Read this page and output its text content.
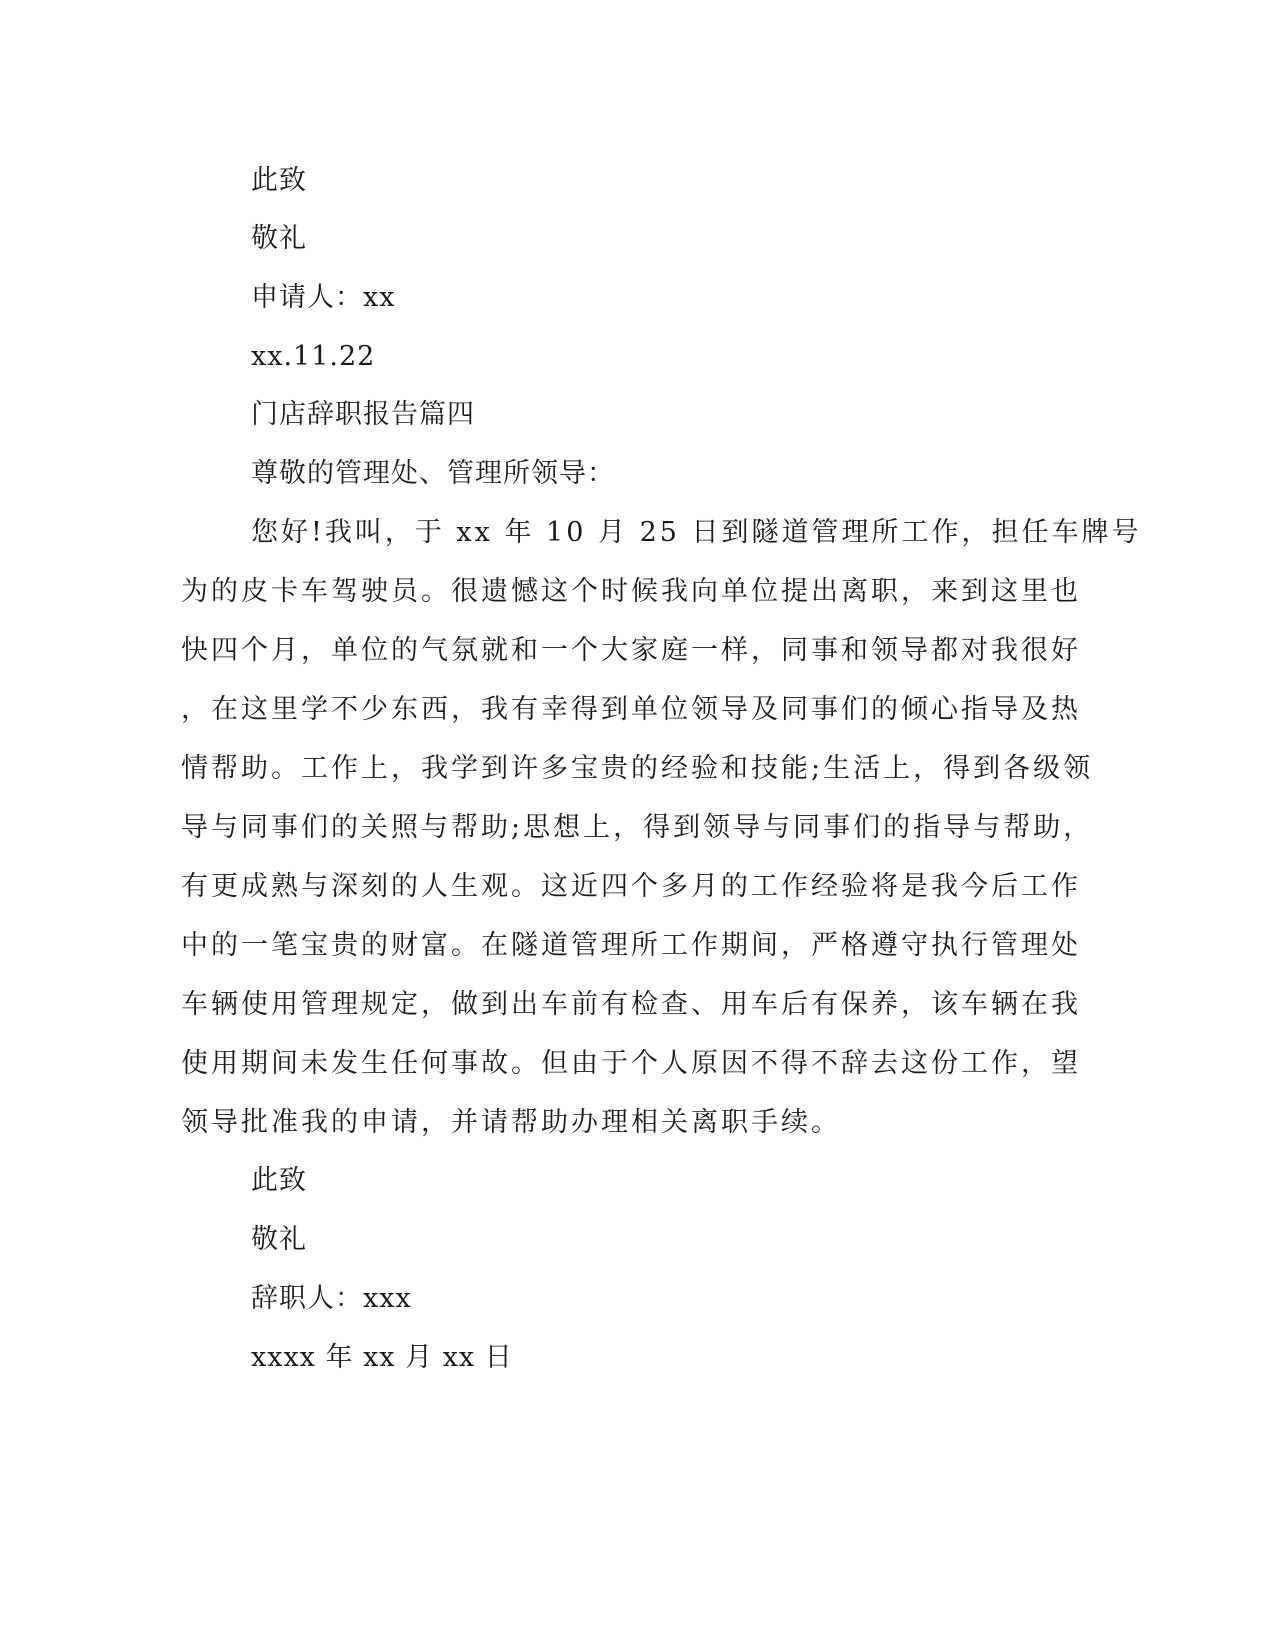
此致
敬礼
申请人：xx
xx.11.22
门店辞职报告篇四
尊敬的管理处、管理所领导：
您好!我叫，于 xx 年 10 月 25 日到隧道管理所工作，担任车牌号
为的皮卡车驾驶员。很遗憾这个时候我向单位提出离职，来到这里也
快四个月，单位的气氛就和一个大家庭一样，同事和领导都对我很好
，在这里学不少东西，我有幸得到单位领导及同事们的倾心指导及热
情帮助。工作上，我学到许多宝贵的经验和技能;生活上，得到各级领
导与同事们的关照与帮助;思想上，得到领导与同事们的指导与帮助，
有更成熟与深刻的人生观。这近四个多月的工作经验将是我今后工作
中的一笔宝贵的财富。在隧道管理所工作期间，严格遵守执行管理处
车辆使用管理规定，做到出车前有检查、用车后有保养，该车辆在我
使用期间未发生任何事故。但由于个人原因不得不辞去这份工作，望
领导批准我的申请，并请帮助办理相关离职手续。
此致
敬礼
辞职人：xxx
xxxx 年 xx 月 xx 日
